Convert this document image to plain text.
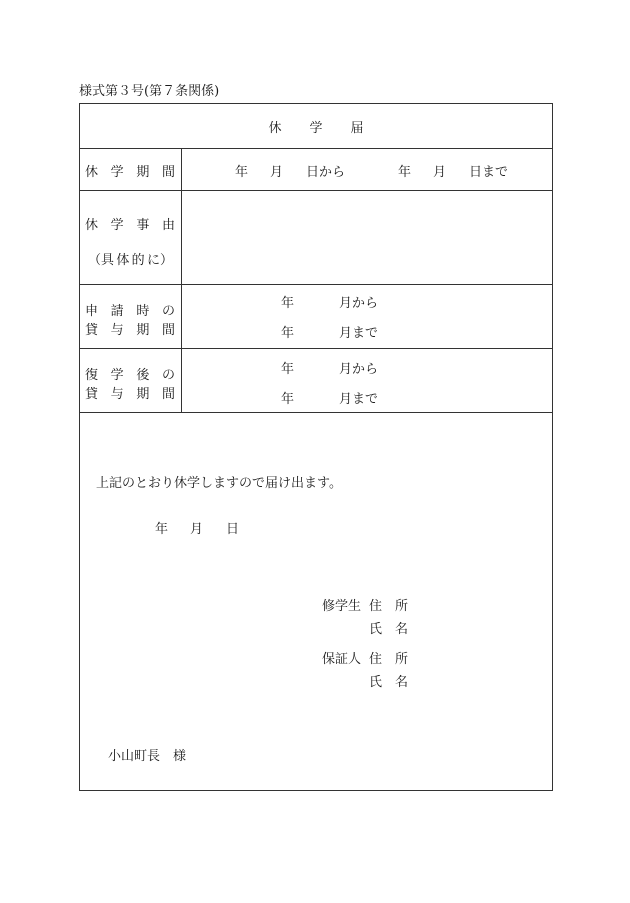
様式第３号(第７条関係)
休 学 届
休 学 期 間	年 月 日から	年 月 日まで
休 学 事 由
（具 体 的 に）
申 請 時 の
貸 与 期 間
年	月から
年	月まで
復 学 後 の
貸 与 期 間
年	月から
年	月まで
上記のとおり休学しますので届け出ます。
年 月 日
修学生 住　所
氏　名
保証人 住　所
氏　名
小山町長　様
